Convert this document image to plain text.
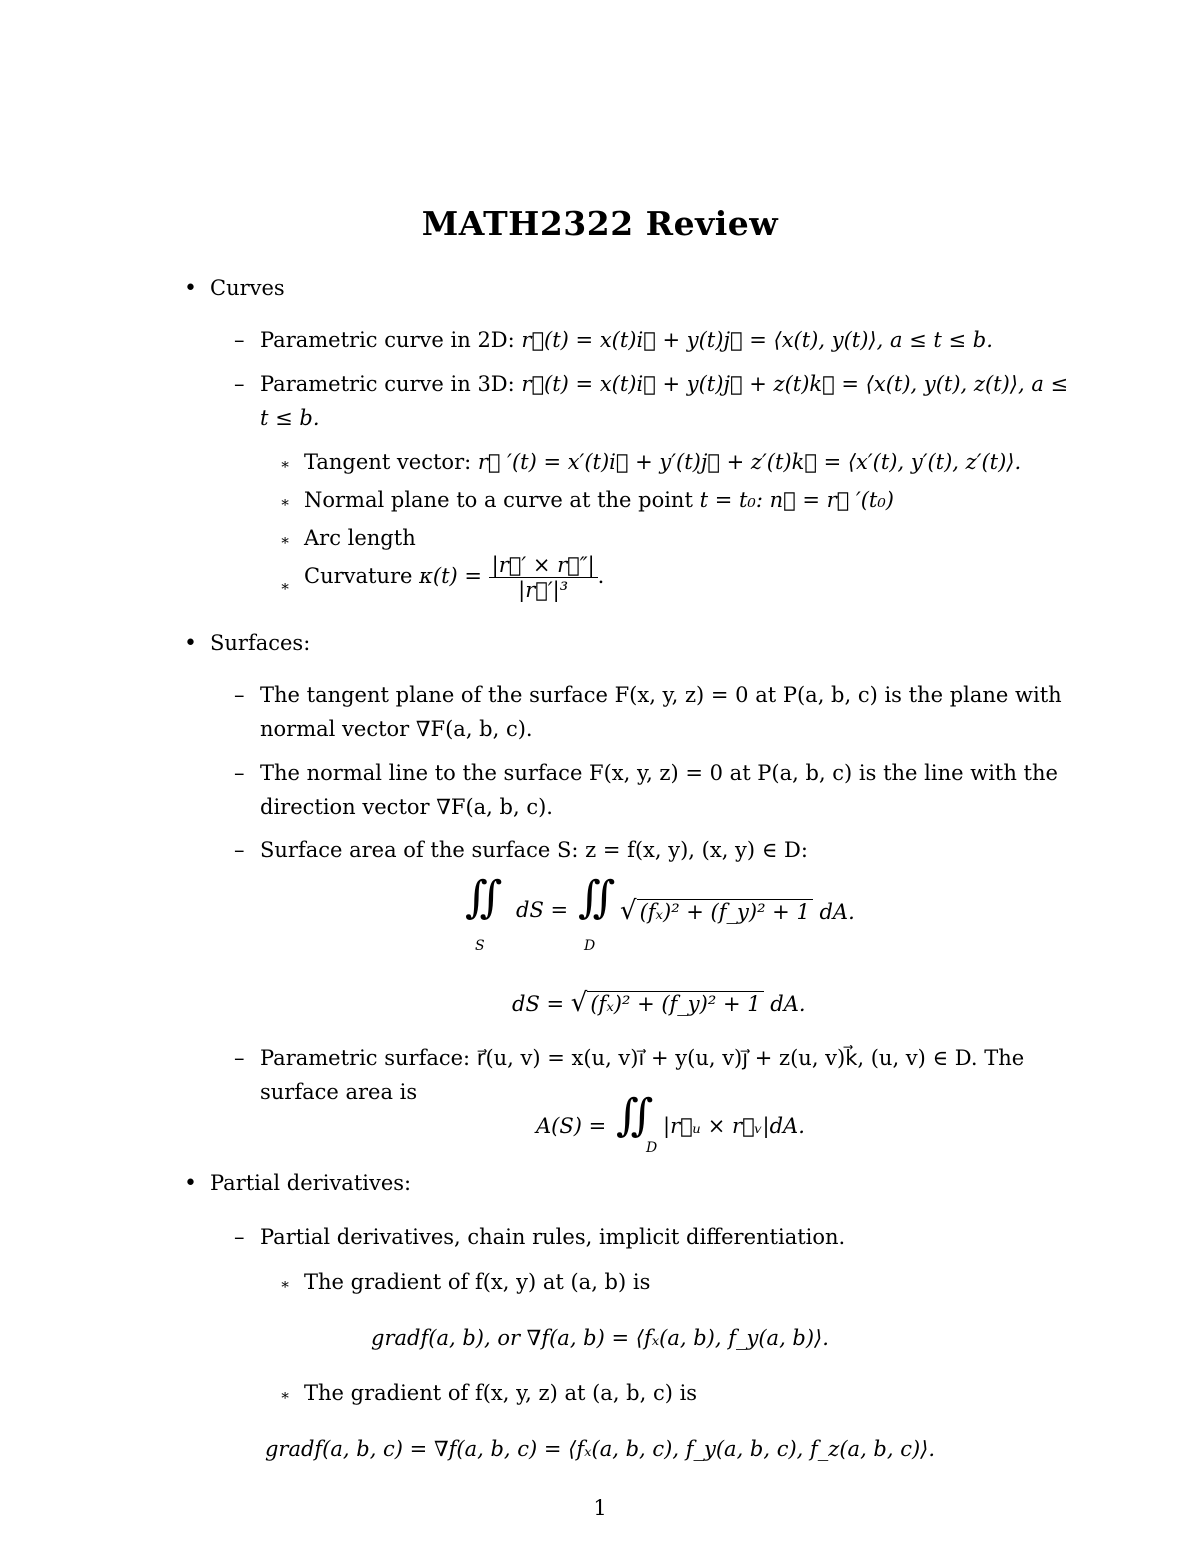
MATH2322 Review
• Curves
– Parametric curve in 2D: r⃗(t) = x(t)i⃗ + y(t)j⃗ = ⟨x(t), y(t)⟩, a ≤ t ≤ b.
– Parametric curve in 3D: r⃗(t) = x(t)i⃗ + y(t)j⃗ + z(t)k⃗ = ⟨x(t), y(t), z(t)⟩, a ≤
t ≤ b.
∗ Tangent vector: r⃗ ′(t) = x′(t)i⃗ + y′(t)j⃗ + z′(t)k⃗ = ⟨x′(t), y′(t), z′(t)⟩.
∗ Normal plane to a curve at the point t = t₀: n⃗ = r⃗ ′(t₀)
∗ Arc length
∗ Curvature $\kappa(t) = \frac{|r⃗' \times r⃗''|}{\text{|r⃗′|³}}$ .
• Surfaces:
– The tangent plane of the surface F(x, y, z) = 0 at P(a, b, c) is the plane with
normal vector ∇F(a, b, c).
– The normal line to the surface F(x, y, z) = 0 at P(a, b, c) is the line with the
direction vector ∇F(a, b, c).
– Surface area of the surface S: z = f(x, y), (x, y) ∈ D:
∬
S
dS = ∬
D
√ (fₓ)² + (f_y)² + 1 dA.
dS = √ (fₓ)² + (f_y)² + 1 dA.
– Parametric surface: r⃗(u, v) = x(u, v)i⃗ + y(u, v)j⃗ + z(u, v)k⃗, (u, v) ∈ D. The
surface area is
A(S) = ∬
D
|r⃗ᵤ × r⃗ᵥ|dA.
• Partial derivatives:
– Partial derivatives, chain rules, implicit differentiation.
∗ The gradient of f(x, y) at (a, b) is
gradf(a, b), or ∇f(a, b) = ⟨fₓ(a, b), f_y(a, b)⟩.
∗ The gradient of f(x, y, z) at (a, b, c) is
gradf(a, b, c) = ∇f(a, b, c) = ⟨fₓ(a, b, c), f_y(a, b, c), f_z(a, b, c)⟩.
1
